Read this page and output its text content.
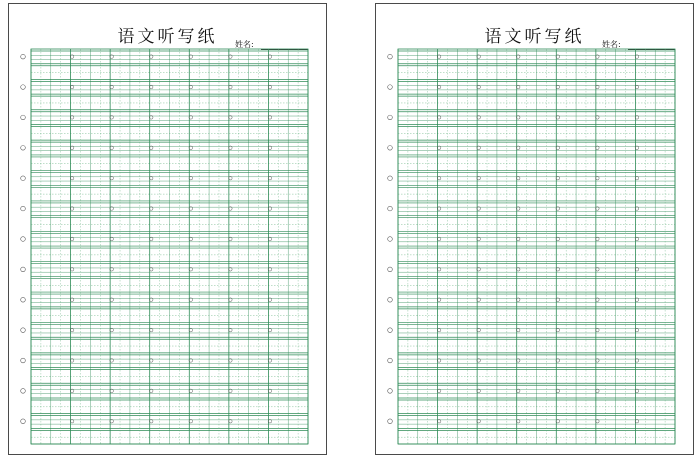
语文听写纸	姓名:	语文听写纸	姓名:
